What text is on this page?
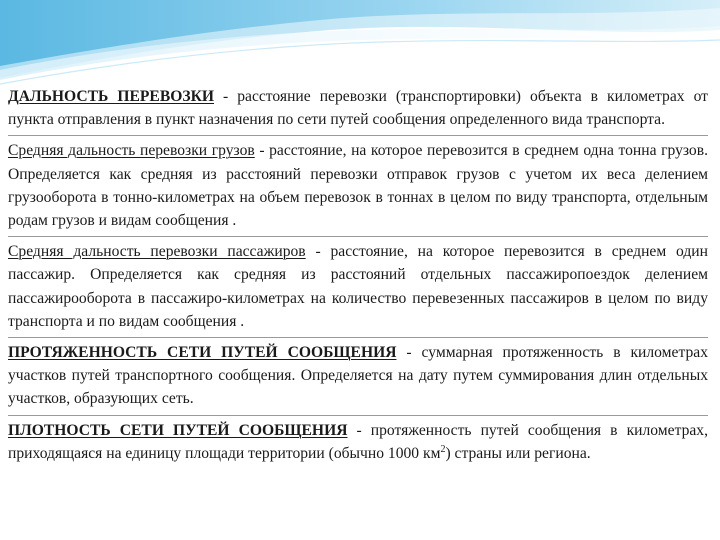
ДАЛЬНОСТЬ ПЕРЕВОЗКИ - расстояние перевозки (транспортировки) объекта в километрах от пункта отправления в пункт назначения по сети путей сообщения определенного вида транспорта.
Средняя дальность перевозки грузов - расстояние, на которое перевозится в среднем одна тонна грузов. Определяется как средняя из расстояний перевозки отправок грузов с учетом их веса делением грузооборота в тонно-километрах на объем перевозок в тоннах в целом по виду транспорта, отдельным родам грузов и видам сообщения .
Средняя дальность перевозки пассажиров - расстояние, на которое перевозится в среднем один пассажир. Определяется как средняя из расстояний отдельных пассажиропоездок делением пассажирооборота в пассажиро-километрах на количество перевезенных пассажиров в целом по виду транспорта и по видам сообщения .
ПРОТЯЖЕННОСТЬ СЕТИ ПУТЕЙ СООБЩЕНИЯ - суммарная протяженность в километрах участков путей транспортного сообщения. Определяется на дату путем суммирования длин отдельных участков, образующих сеть.
ПЛОТНОСТЬ СЕТИ ПУТЕЙ СООБЩЕНИЯ - протяженность путей сообщения в километрах, приходящаяся на единицу площади территории (обычно 1000 $км^2$) страны или региона.
